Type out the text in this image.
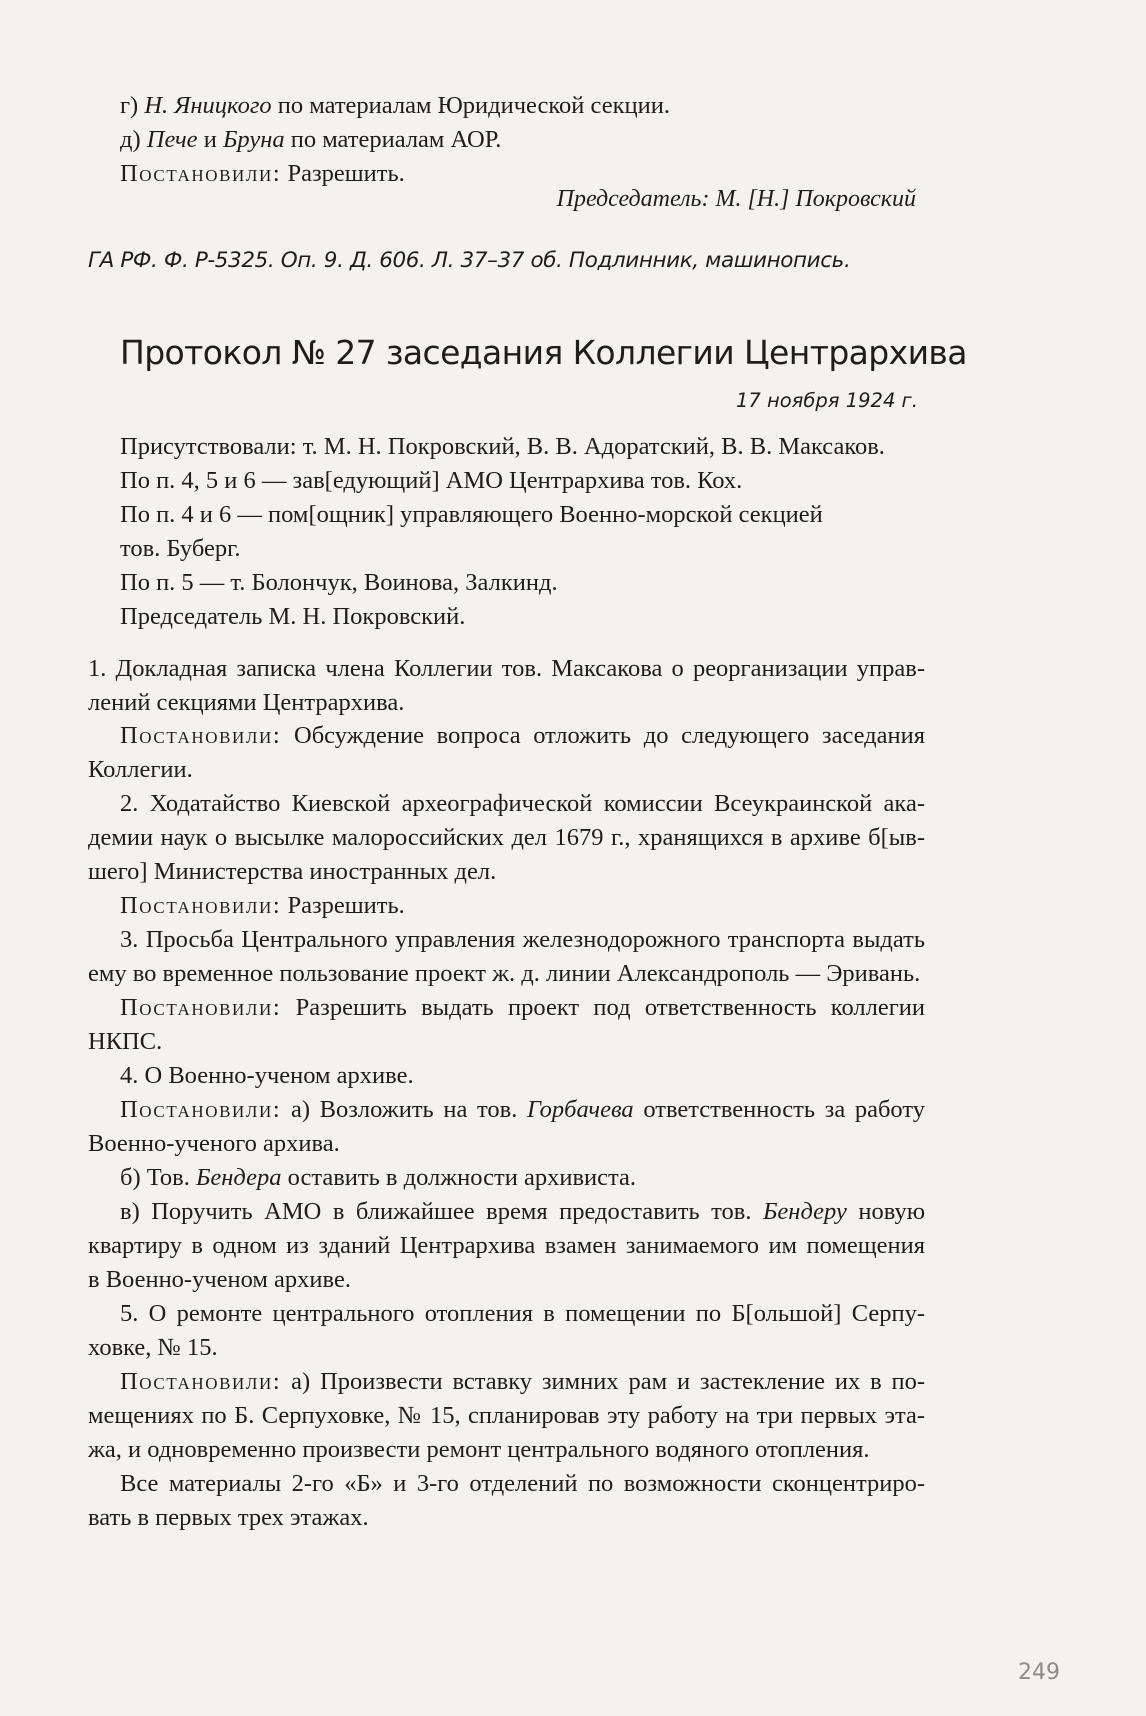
г) Н. Яницкого по материалам Юридической секции.
д) Пече и Бруна по материалам АОР.
Постановили: Разрешить.
Председатель: М. [Н.] Покровский
ГА РФ. Ф. Р-5325. Оп. 9. Д. 606. Л. 37–37 об. Подлинник, машинопись.
Протокол № 27 заседания Коллегии Центрархива
17 ноября 1924 г.
Присутствовали: т. М. Н. Покровский, В. В. Адоратский, В. В. Максаков.
По п. 4, 5 и 6 — зав[едующий] АМО Центрархива тов. Кох.
По п. 4 и 6 — пом[ощник] управляющего Военно-морской секцией
тов. Буберг.
По п. 5 — т. Болончук, Воинова, Залкинд.
Председатель М. Н. Покровский.
1. Докладная записка члена Коллегии тов. Максакова о реорганизации управ-
лений секциями Центрархива.
Постановили: Обсуждение вопроса отложить до следующего заседания
Коллегии.
2. Ходатайство Киевской археографической комиссии Всеукраинской ака-
демии наук о высылке малороссийских дел 1679 г., хранящихся в архиве б[ыв-
шего] Министерства иностранных дел.
Постановили: Разрешить.
3. Просьба Центрального управления железнодорожного транспорта выдать
ему во временное пользование проект ж. д. линии Александрополь — Эривань.
Постановили: Разрешить выдать проект под ответственность коллегии
НКПС.
4. О Военно-ученом архиве.
Постановили: а) Возложить на тов. Горбачева ответственность за работу
Военно-ученого архива.
б) Тов. Бендера оставить в должности архивиста.
в) Поручить АМО в ближайшее время предоставить тов. Бендеру новую
квартиру в одном из зданий Центрархива взамен занимаемого им помещения
в Военно-ученом архиве.
5. О ремонте центрального отопления в помещении по Б[ольшой] Серпу-
ховке, № 15.
Постановили: а) Произвести вставку зимних рам и застекление их в по-
мещениях по Б. Серпуховке, № 15, спланировав эту работу на три первых эта-
жа, и одновременно произвести ремонт центрального водяного отопления.
Все материалы 2-го «Б» и 3-го отделений по возможности сконцентриро-
вать в первых трех этажах.
249
